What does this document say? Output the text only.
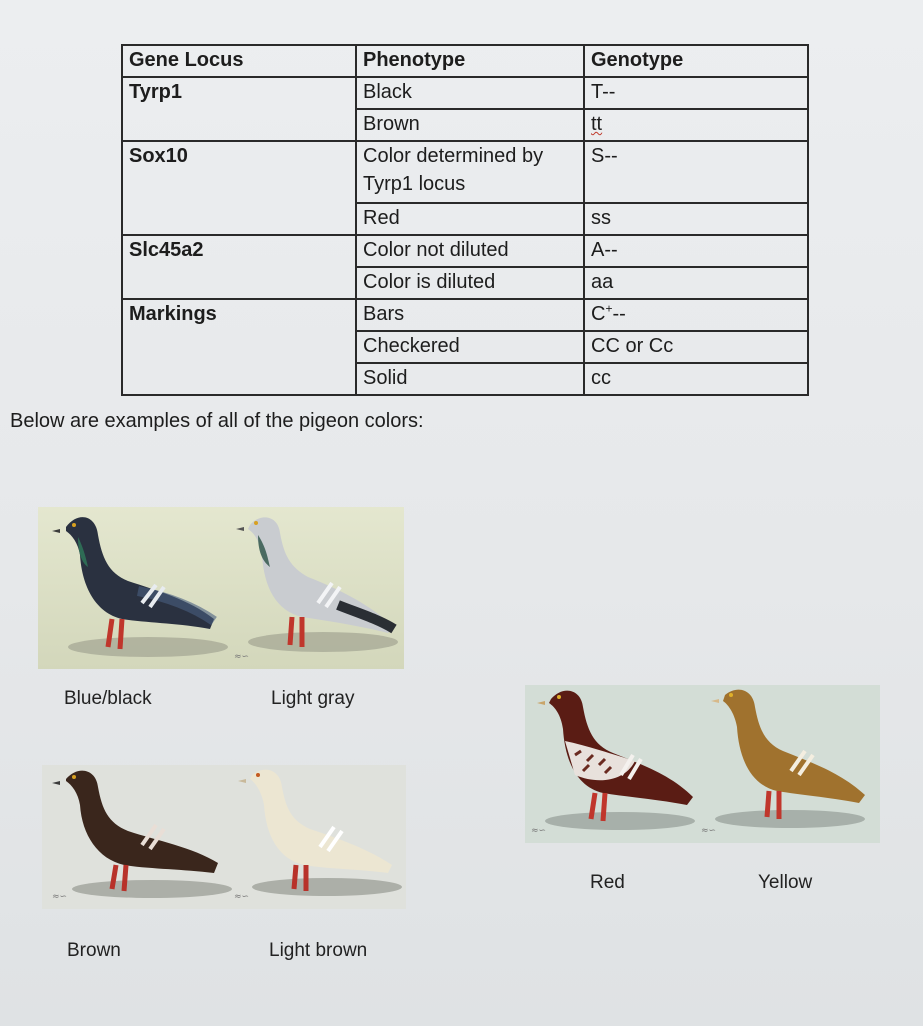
Gene Locus	Phenotype	Genotype
Tyrp1	Black	T--
	Brown	tt
Sox10	Color determined by Tyrp1 locus	S--
	Red	ss
Slc45a2	Color not diluted	A--
	Color is diluted	aa
Markings	Bars	C+--
	Checkered	CC or Cc
	Solid	cc
Below are examples of all of the pigeon colors:
≈∽
Blue/black	Light gray
≈∽	≈∽
Brown	Light brown
≈∽	≈∽
Red	Yellow
